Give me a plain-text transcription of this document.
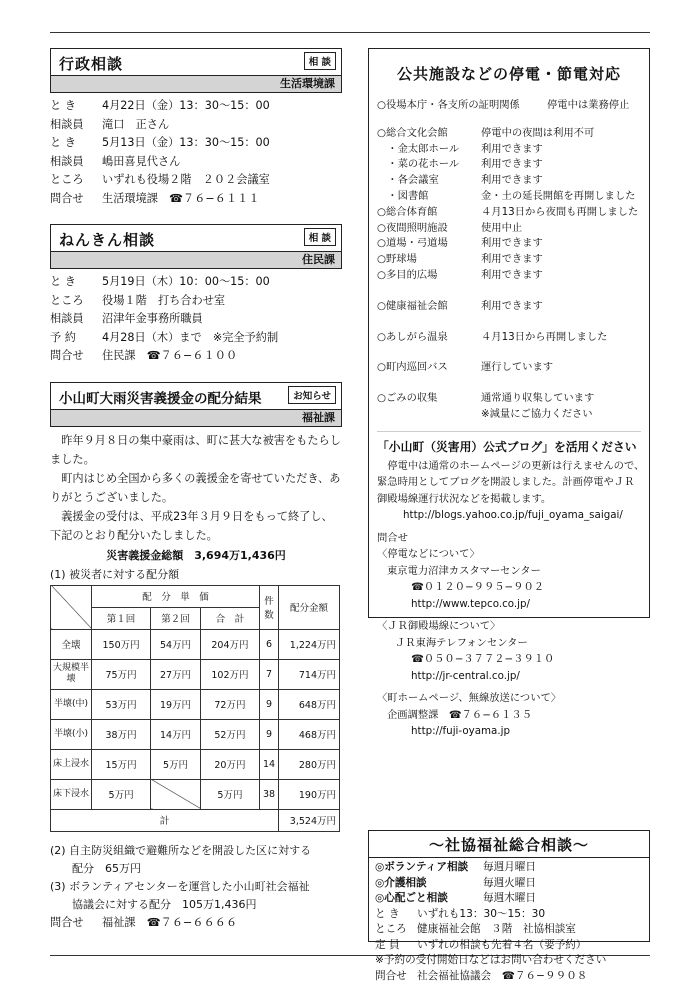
行政相談	相 談
生活環境課
と き	4月22日（金）13：30〜15：00
相談員	滝口　正さん
と き	5月13日（金）13：30〜15：00
相談員	嶋田喜見代さん
ところ	いずれも役場２階　２０２会議室
問合せ	生活環境課　☎７６−６１１１
ねんきん相談	相 談
住民課
と き	5月19日（木）10：00〜15：00
ところ	役場１階　打ち合わせ室
相談員	沼津年金事務所職員
予 約	4月28日（木）まで　※完全予約制
問合せ	住民課　☎７６−６１００
小山町大雨災害義援金の配分結果	お知らせ
福祉課

昨年９月８日の集中豪雨は、町に甚大な被害をもたらしました。

町内はじめ全国から多くの義援金を寄せていただき、ありがとうございました。

義援金の受付は、平成23年３月９日をもって終了し、下記のとおり配分いたしました。

災害義援金総額　3,694万1,436円
(1) 被災者に対する配分額
	配　分　単　価			件数	配分金額
	第１回	第２回	合　計		
全壊	150万円	54万円	204万円	6	1,224万円
大規模半壊	75万円	27万円	102万円	7	714万円
半壊(中)	53万円	19万円	72万円	9	648万円
半壊(小)	38万円	14万円	52万円	9	468万円
床上浸水	15万円	5万円	20万円	14	280万円
床下浸水	5万円		5万円	38	190万円
計					3,524万円
(2) 自主防災組織で避難所などを開設した区に対する
配分　65万円
(3) ボランティアセンターを運営した小山町社会福祉
協議会に対する配分　105万1,436円
問合せ	福祉課　☎７６−６６６６
公共施設などの停電・節電対応
○役場本庁・各支所の証明関係	停電中は業務停止
○総合文化会館	停電中の夜間は利用不可
　・金太郎ホール	利用できます
　・菜の花ホール	利用できます
　・各会議室	利用できます
　・図書館	金・土の延長開館を再開しました
○総合体育館	４月13日から夜間も再開しました
○夜間照明施設	使用中止
○道場・弓道場	利用できます
○野球場	利用できます
○多目的広場	利用できます
○健康福祉会館	利用できます
○あしがら温泉	４月13日から再開しました
○町内巡回バス	運行しています
○ごみの収集	通常通り収集しています
※減量にご協力ください
「小山町（災害用）公式ブログ」を活用ください
　停電中は通常のホームページの更新は行えませんので、
緊急時用としてブログを開設しました。計画停電やＪＲ
御殿場線運行状況などを掲載します。
http://blogs.yahoo.co.jp/fuji_oyama_saigai/
問合せ
〈停電などについて〉
東京電力沼津カスタマーセンター
☎０１２０−９９５−９０２
http://www.tepco.co.jp/
〈ＪＲ御殿場線について〉
ＪＲ東海テレフォンセンター
☎０５０−３７７２−３９１０
http://jr-central.co.jp/
〈町ホームページ、無線放送について〉
企画調整課　☎７６−６１３５
http://fuji-oyama.jp
〜社協福祉総合相談〜
◎ボランティア相談	毎週月曜日
◎介護相談	毎週火曜日
◎心配ごと相談	毎週木曜日
と き	いずれも13：30〜15：30
ところ 健康福祉会館　３階　社協相談室
定 員	いずれの相談も先着４名（要予約）
※予約の受付開始日などはお問い合わせください
問合せ 社会福祉協議会　☎７６−９９０８
